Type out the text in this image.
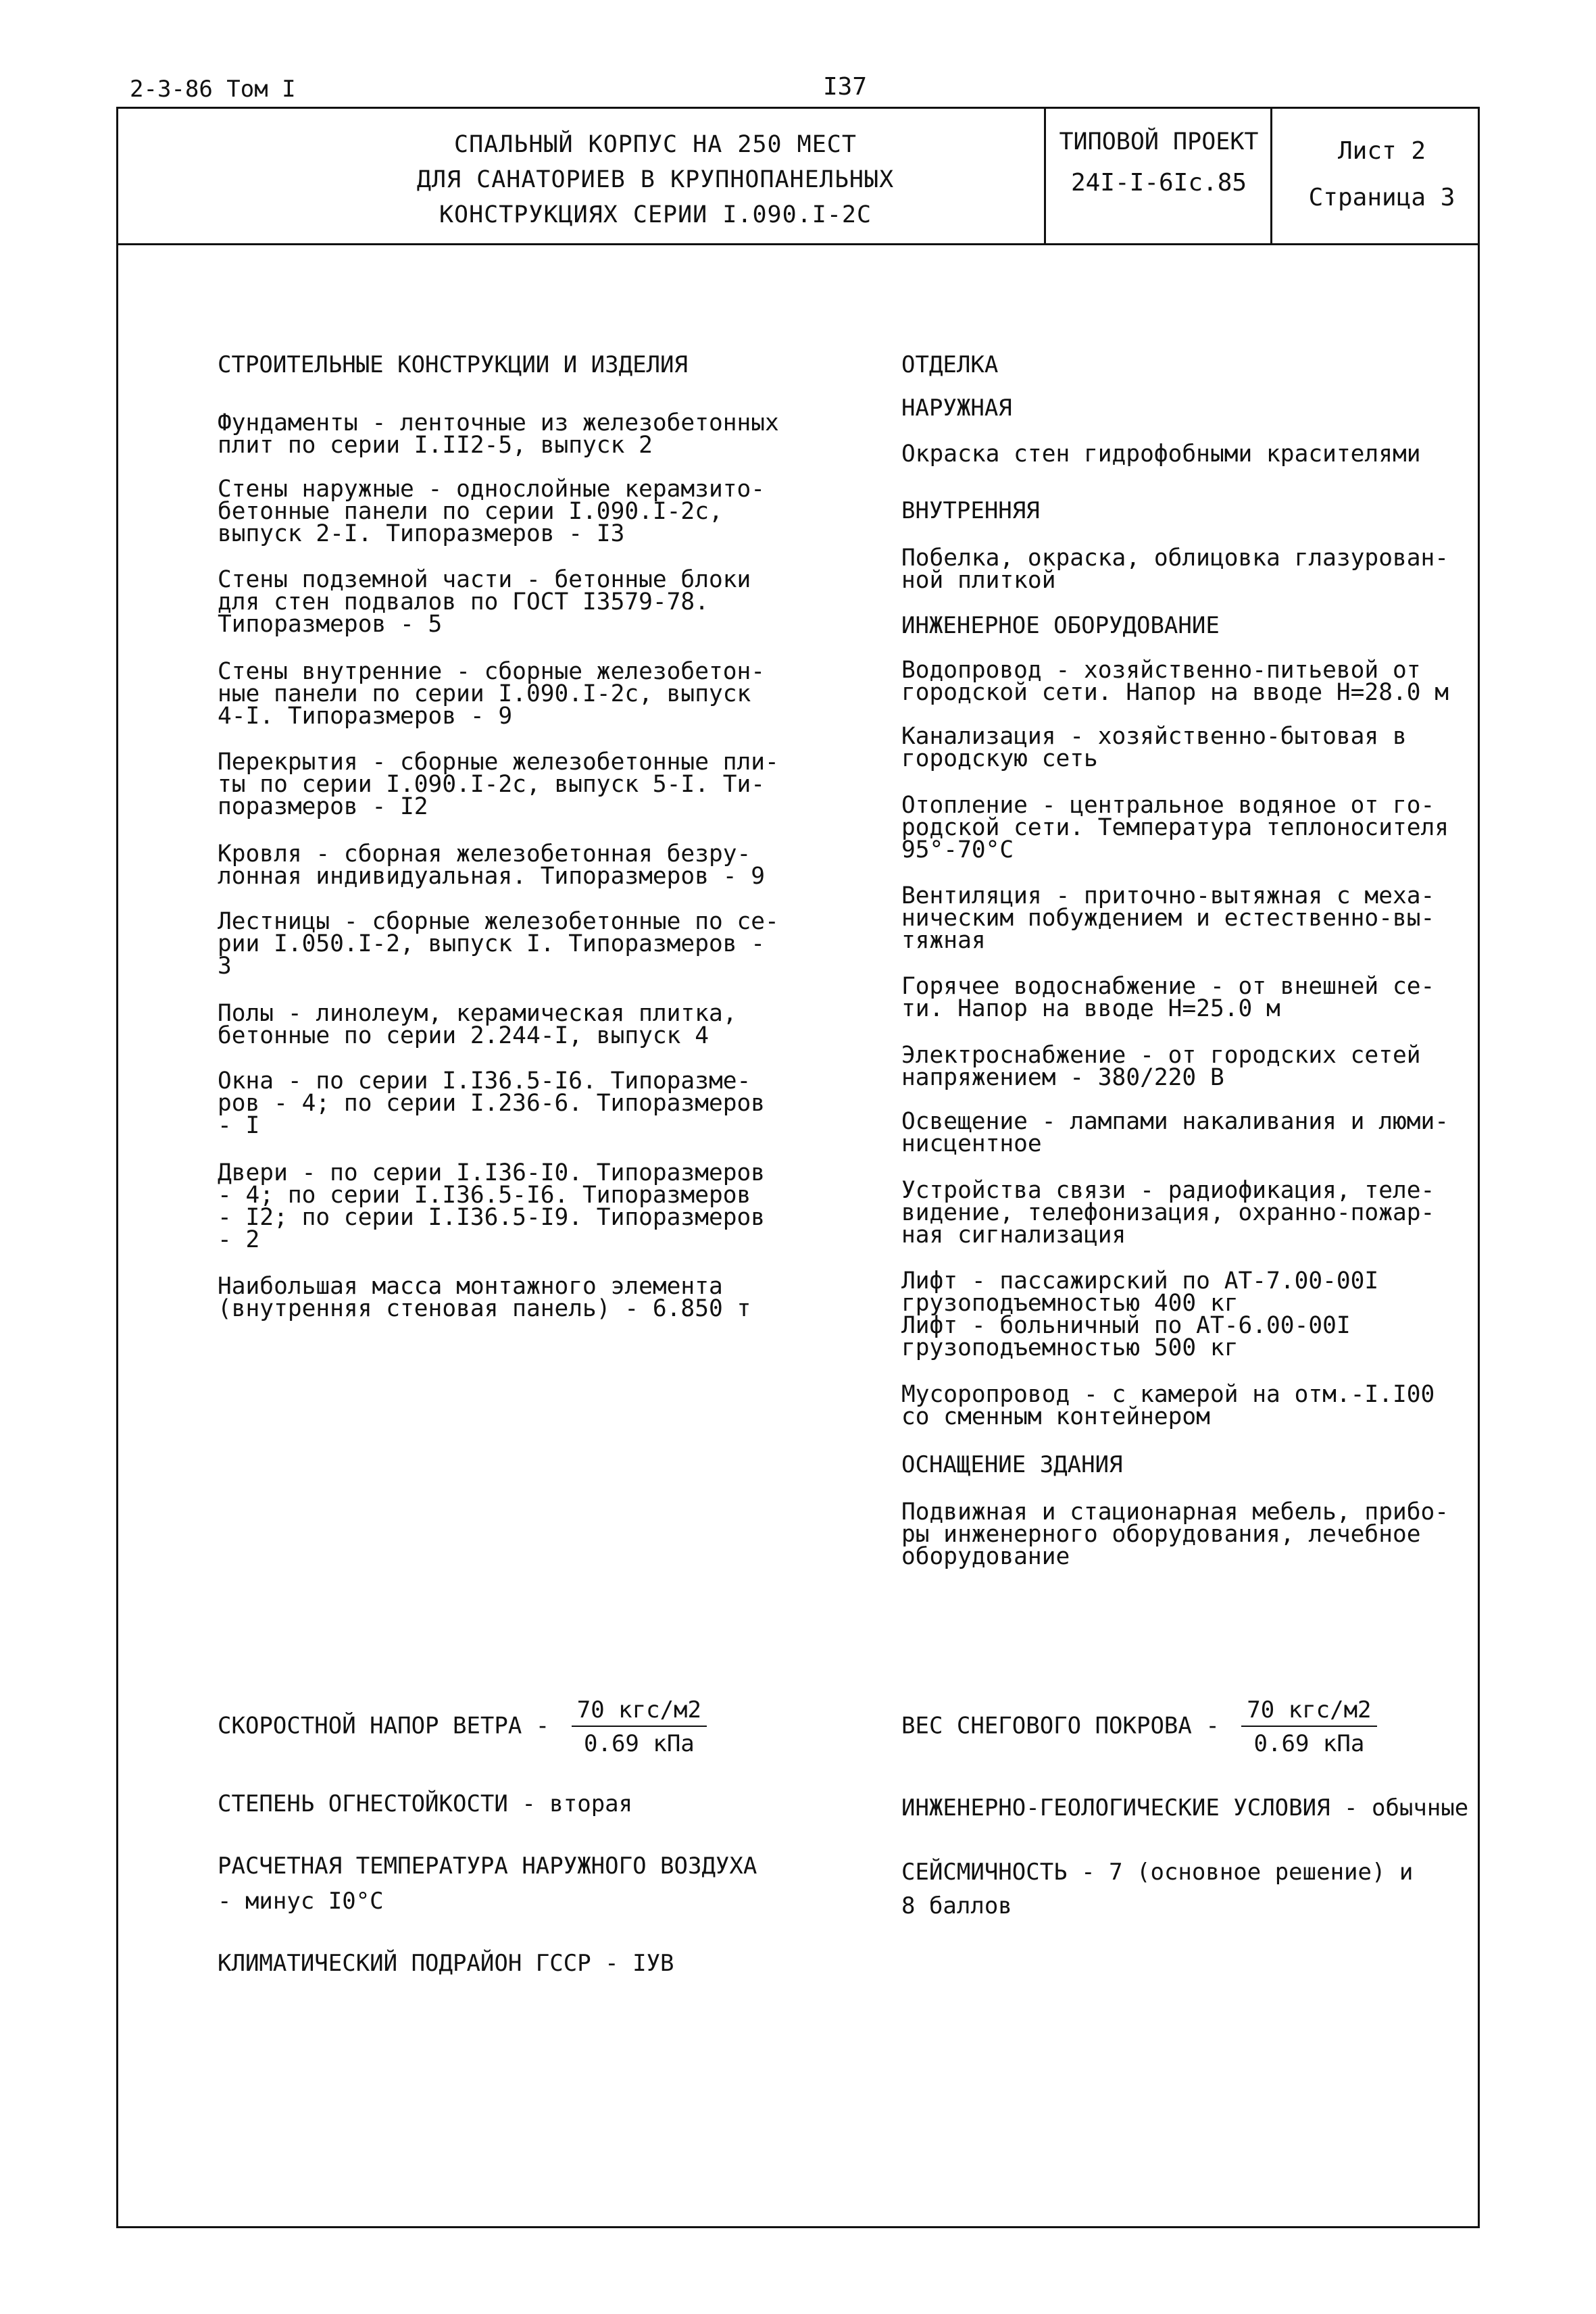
2-3-86 Том I	I37
СПАЛЬНЫЙ КОРПУС НА 250 МЕСТ
ДЛЯ САНАТОРИЕВ В КРУПНОПАНЕЛЬНЫХ
КОНСТРУКЦИЯХ СЕРИИ I.090.I-2С
ТИПОВОЙ ПРОЕКТ
24I-I-6Iс.85
Лист 2
Страница 3
СТРОИТЕЛЬНЫЕ КОНСТРУКЦИИ И ИЗДЕЛИЯ
Фундаменты - ленточные из железобетонных
плит по серии I.II2-5, выпуск 2
Стены наружные - однослойные керамзито-
бетонные панели по серии I.090.I-2с,
выпуск 2-I. Типоразмеров - I3
Стены подземной части - бетонные блоки
для стен подвалов по ГОСТ I3579-78.
Типоразмеров - 5
Стены внутренние - сборные железобетон-
ные панели по серии I.090.I-2с, выпуск
4-I. Типоразмеров - 9
Перекрытия - сборные железобетонные пли-
ты по серии I.090.I-2с, выпуск 5-I. Ти-
поразмеров - I2
Кровля - сборная железобетонная безру-
лонная индивидуальная. Типоразмеров - 9
Лестницы - сборные железобетонные по се-
рии I.050.I-2, выпуск I. Типоразмеров -
3
Полы - линолеум, керамическая плитка,
бетонные по серии 2.244-I, выпуск 4
Окна - по серии I.I36.5-I6. Типоразме-
ров - 4; по серии I.236-6. Типоразмеров
- I
Двери - по серии I.I36-I0. Типоразмеров
- 4; по серии I.I36.5-I6. Типоразмеров
- I2; по серии I.I36.5-I9. Типоразмеров
- 2
Наибольшая масса монтажного элемента
(внутренняя стеновая панель) - 6.850 т
ОТДЕЛКА
НАРУЖНАЯ
Окраска стен гидрофобными красителями
ВНУТРЕННЯЯ
Побелка, окраска, облицовка глазурован-
ной плиткой
ИНЖЕНЕРНОЕ ОБОРУДОВАНИЕ
Водопровод - хозяйственно-питьевой от
городской сети. Напор на вводе Н=28.0 м
Канализация - хозяйственно-бытовая в
городскую сеть
Отопление - центральное водяное от го-
родской сети. Температура теплоносителя
95°-70°С
Вентиляция - приточно-вытяжная с меха-
ническим побуждением и естественно-вы-
тяжная
Горячее водоснабжение - от внешней се-
ти. Напор на вводе Н=25.0 м
Электроснабжение - от городских сетей
напряжением - 380/220 В
Освещение - лампами накаливания и люми-
нисцентное
Устройства связи - радиофикация, теле-
видение, телефонизация, охранно-пожар-
ная сигнализация
Лифт - пассажирский по АТ-7.00-00I
грузоподъемностью 400 кг
Лифт - больничный по АТ-6.00-00I
грузоподъемностью 500 кг
Мусоропровод - с камерой на отм.-I.I00
со сменным контейнером
ОСНАЩЕНИЕ ЗДАНИЯ
Подвижная и стационарная мебель, прибо-
ры инженерного оборудования, лечебное
оборудование
СКОРОСТНОЙ НАПОР ВЕТРА - $\frac{\text{70 кгс/м2}}{\text{0.69 кПа}}$	ВЕС СНЕГОВОГО ПОКРОВА - $\frac{\text{70 кгс/м2}}{\text{0.69 кПа}}$
СТЕПЕНЬ ОГНЕСТОЙКОСТИ - вторая	ИНЖЕНЕРНО-ГЕОЛОГИЧЕСКИЕ УСЛОВИЯ - обычные
РАСЧЕТНАЯ ТЕМПЕРАТУРА НАРУЖНОГО ВОЗДУХА
- минус I0°С
СЕЙСМИЧНОСТЬ - 7 (основное решение) и
8 баллов
КЛИМАТИЧЕСКИЙ ПОДРАЙОН ГССР - IУВ
